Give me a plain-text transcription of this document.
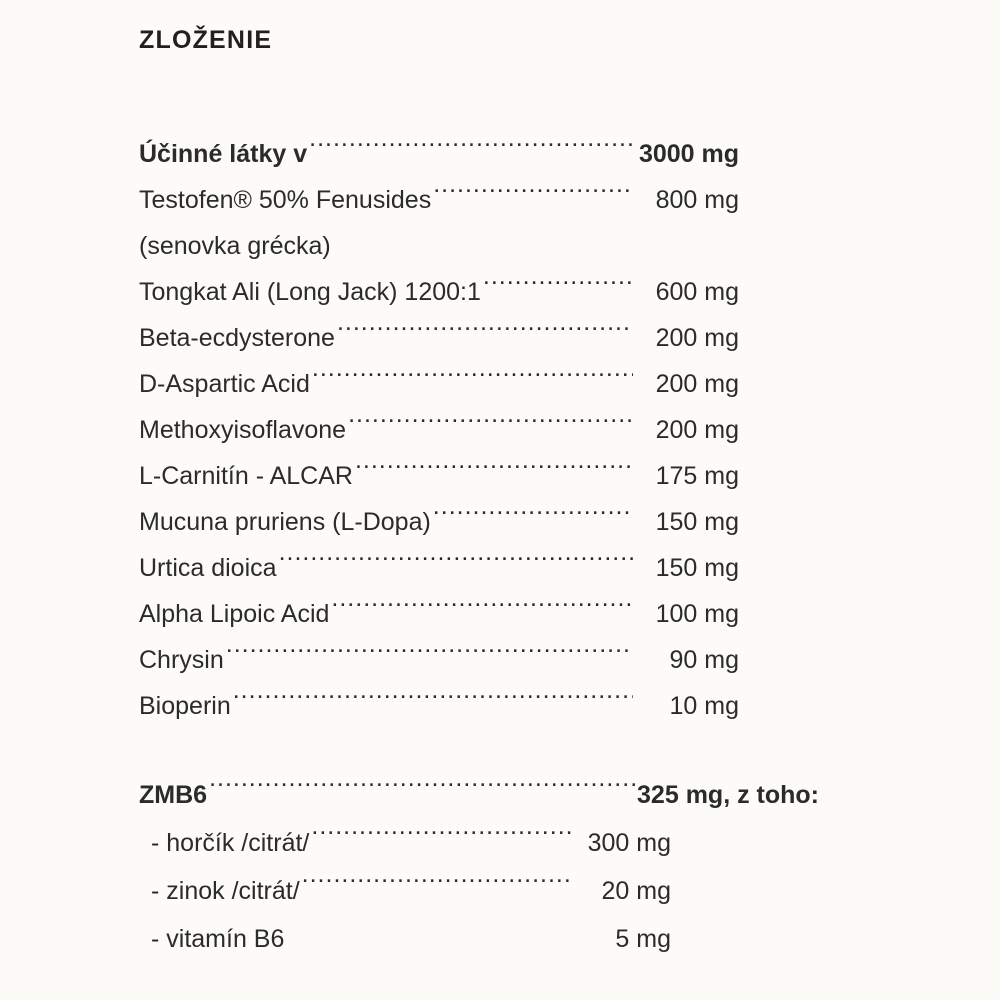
ZLOŽENIE
Účinné látky v .....	3000 mg
Testofen® 50% Fenusides .....	800 mg
(senovka grécka)
Tongkat Ali (Long Jack) 1200:1 .....	600 mg
Beta-ecdysterone .....	200 mg
D-Aspartic Acid .....	200 mg
Methoxyisoflavone .....	200 mg
L-Carnitín - ALCAR .....	175 mg
Mucuna pruriens (L-Dopa) .....	150 mg
Urtica dioica .....	150 mg
Alpha Lipoic Acid .....	100 mg
Chrysin .....	90 mg
Bioperin .....	10 mg
ZMB6 .....	325 mg, z toho:
- horčík /citrát/ .....	300 mg
- zinok /citrát/ .....	20 mg
- vitamín B6	5 mg
